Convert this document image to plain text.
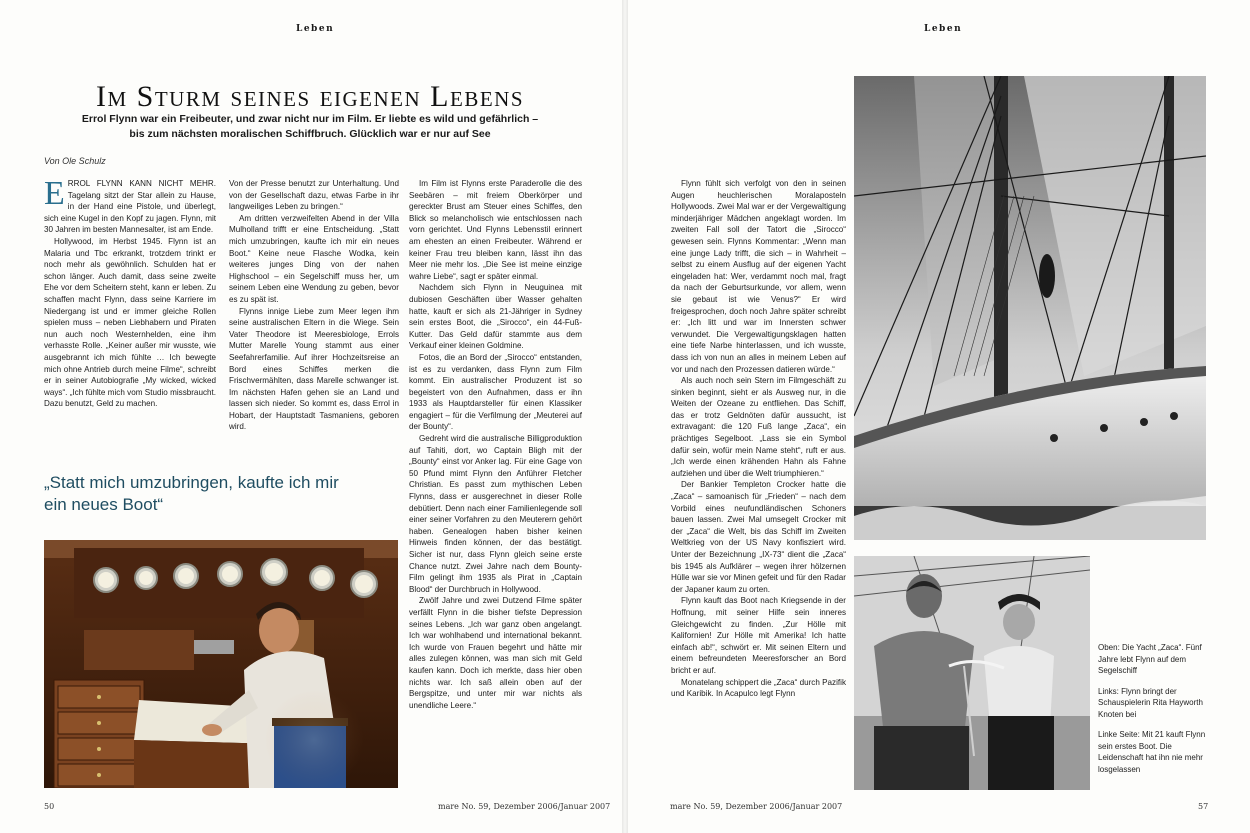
Leben
Im Sturm seines eigenen Lebens
Errol Flynn war ein Freibeuter, und zwar nicht nur im Film. Er liebte es wild und gefährlich –
bis zum nächsten moralischen Schiffbruch. Glücklich war er nur auf See
Von Ole Schulz

ERROL FLYNN KANN NICHT MEHR. Tagelang sitzt der Star allein zu Hause, in der Hand eine Pistole, und überlegt, sich eine Kugel in den Kopf zu jagen. Flynn, mit 30 Jahren im besten Mannesalter, ist am Ende.

Hollywood, im Herbst 1945. Flynn ist an Malaria und Tbc erkrankt, trotzdem trinkt er noch mehr als gewöhnlich. Schulden hat er schon länger. Auch damit, dass seine zweite Ehe vor dem Scheitern steht, kann er leben. Zu schaffen macht Flynn, dass seine Karriere im Niedergang ist und er immer gleiche Rollen spielen muss – neben Liebhabern und Piraten nun auch noch Westernhelden, eine ihm verhasste Rolle. „Keiner außer mir wusste, wie ausgebrannt ich mich fühlte … Ich bewegte mich ohne Antrieb durch meine Filme“, schreibt er in seiner Autobiografie „My wicked, wicked ways“. „Ich fühlte mich vom Studio missbraucht. Dazu benutzt, Geld zu machen.

Von der Presse benutzt zur Unterhaltung. Und von der Gesellschaft dazu, etwas Farbe in ihr langweiliges Leben zu bringen.“

Am dritten verzweifelten Abend in der Villa Mulholland trifft er eine Entscheidung. „Statt mich umzubringen, kaufte ich mir ein neues Boot.“ Keine neue Flasche Wodka, kein weiteres junges Ding von der nahen Highschool – ein Segelschiff muss her, um seinem Leben eine Wendung zu geben, bevor es zu spät ist.

Flynns innige Liebe zum Meer legen ihm seine australischen Eltern in die Wiege. Sein Vater Theodore ist Meeresbiologe, Errols Mutter Marelle Young stammt aus einer Seefahrerfamilie. Auf ihrer Hochzeitsreise an Bord eines Schiffes merken die Frischvermählten, dass Marelle schwanger ist. Im nächsten Hafen gehen sie an Land und lassen sich nieder. So kommt es, dass Errol in Hobart, der Hauptstadt Tasmaniens, geboren wird.

„Statt mich umzubringen, kaufte ich mir ein neues Boot“

Im Film ist Flynns erste Paraderolle die des Seebären – mit freiem Oberkörper und gereckter Brust am Steuer eines Schiffes, den Blick so melancholisch wie entschlossen nach vorn gerichtet. Und Flynns Lebensstil erinnert am ehesten an einen Freibeuter. Während er keiner Frau treu bleiben kann, lässt ihn das Meer nie mehr los. „Die See ist meine einzige wahre Liebe“, sagt er später einmal.

Nachdem sich Flynn in Neuguinea mit dubiosen Geschäften über Wasser gehalten hatte, kauft er sich als 21-Jähriger in Sydney sein erstes Boot, die „Sirocco“, ein 44-Fuß-Kutter. Das Geld dafür stammte aus dem Verkauf einer kleinen Goldmine.

Fotos, die an Bord der „Sirocco“ entstanden, ist es zu verdanken, dass Flynn zum Film kommt. Ein australischer Produzent ist so begeistert von den Aufnahmen, dass er ihn 1933 als Hauptdarsteller für einen Klassiker engagiert – für die Verfilmung der „Meuterei auf der Bounty“.

Gedreht wird die australische Billigproduktion auf Tahiti, dort, wo Captain Bligh mit der „Bounty“ einst vor Anker lag. Für eine Gage von 50 Pfund mimt Flynn den Anführer Fletcher Christian. Es passt zum mythischen Leben Flynns, dass er ausgerechnet in dieser Rolle debütiert. Denn nach einer Familienlegende soll einer seiner Vorfahren zu den Meuterern gehört haben. Genealogen haben bisher keinen Hinweis finden können, der das bestätigt. Sicher ist nur, dass Flynn gleich seine erste Chance nutzt. Zwei Jahre nach dem Bounty-Film gelingt ihm 1935 als Pirat in „Captain Blood“ der Durchbruch in Hollywood.

Zwölf Jahre und zwei Dutzend Filme später verfällt Flynn in die bisher tiefste Depression seines Lebens. „Ich war ganz oben angelangt. Ich war wohlhabend und international bekannt. Ich wurde von Frauen begehrt und hätte mir alles zulegen können, was man sich mit Geld kaufen kann. Doch ich merkte, dass hier oben nichts war. Ich saß allein oben auf der Bergspitze, und unter mir war nichts als unendliche Leere.“

50	mare No. 59, Dezember 2006/Januar 2007
Leben

Flynn fühlt sich verfolgt von den in seinen Augen heuchlerischen Moralaposteln Hollywoods. Zwei Mal war er der Vergewaltigung minderjähriger Mädchen angeklagt worden. Im zweiten Fall soll der Tatort die „Sirocco“ gewesen sein. Flynns Kommentar: „Wenn man eine junge Lady trifft, die sich – in Wahrheit – selbst zu einem Ausflug auf der eigenen Yacht eingeladen hat: Wer, verdammt noch mal, fragt da nach der Geburtsurkunde, vor allem, wenn sie gebaut ist wie Venus?“ Er wird freigesprochen, doch noch Jahre später schreibt er: „Ich litt und war im Innersten schwer verwundet. Die Vergewaltigungsklagen hatten eine tiefe Narbe hinterlassen, und ich wusste, dass ich von nun an alles in meinem Leben auf vor und nach den Prozessen datieren würde.“

Als auch noch sein Stern im Filmgeschäft zu sinken beginnt, sieht er als Ausweg nur, in die Weiten der Ozeane zu entfliehen. Das Schiff, das er trotz Geldnöten dafür aussucht, ist extravagant: die 120 Fuß lange „Zaca“, ein prächtiges Segelboot. „Lass sie ein Symbol dafür sein, wofür mein Name steht“, ruft er aus. „Ich werde einen krähenden Hahn als Fahne aufziehen und über die Welt triumphieren.“

Der Bankier Templeton Crocker hatte die „Zaca“ – samoanisch für „Frieden“ – nach dem Vorbild eines neufundländischen Schoners bauen lassen. Zwei Mal umsegelt Crocker mit der „Zaca“ die Welt, bis das Schiff im Zweiten Weltkrieg von der US Navy konfisziert wird. Unter der Bezeichnung „IX-73“ dient die „Zaca“ bis 1945 als Aufklärer – wegen ihrer hölzernen Hülle war sie vor Minen gefeit und für den Radar der Japaner kaum zu orten.

Flynn kauft das Boot nach Kriegsende in der Hoffnung, mit seiner Hilfe sein inneres Gleichgewicht zu finden. „Zur Hölle mit Kalifornien! Zur Hölle mit Amerika! Ich hatte einfach ab!“, schwört er. Mit seinen Eltern und einem befreundeten Meeresforscher an Bord bricht er auf.

Monatelang schippert die „Zaca“ durch Pazifik und Karibik. In Acapulco legt Flynn

Oben: Die Yacht „Zaca“. Fünf Jahre lebt Flynn auf dem Segelschiff

Links: Flynn bringt der Schauspielerin Rita Hayworth Knoten bei

Linke Seite: Mit 21 kauft Flynn sein erstes Boot. Die Leidenschaft hat ihn nie mehr losgelassen

mare No. 59, Dezember 2006/Januar 2007	57
